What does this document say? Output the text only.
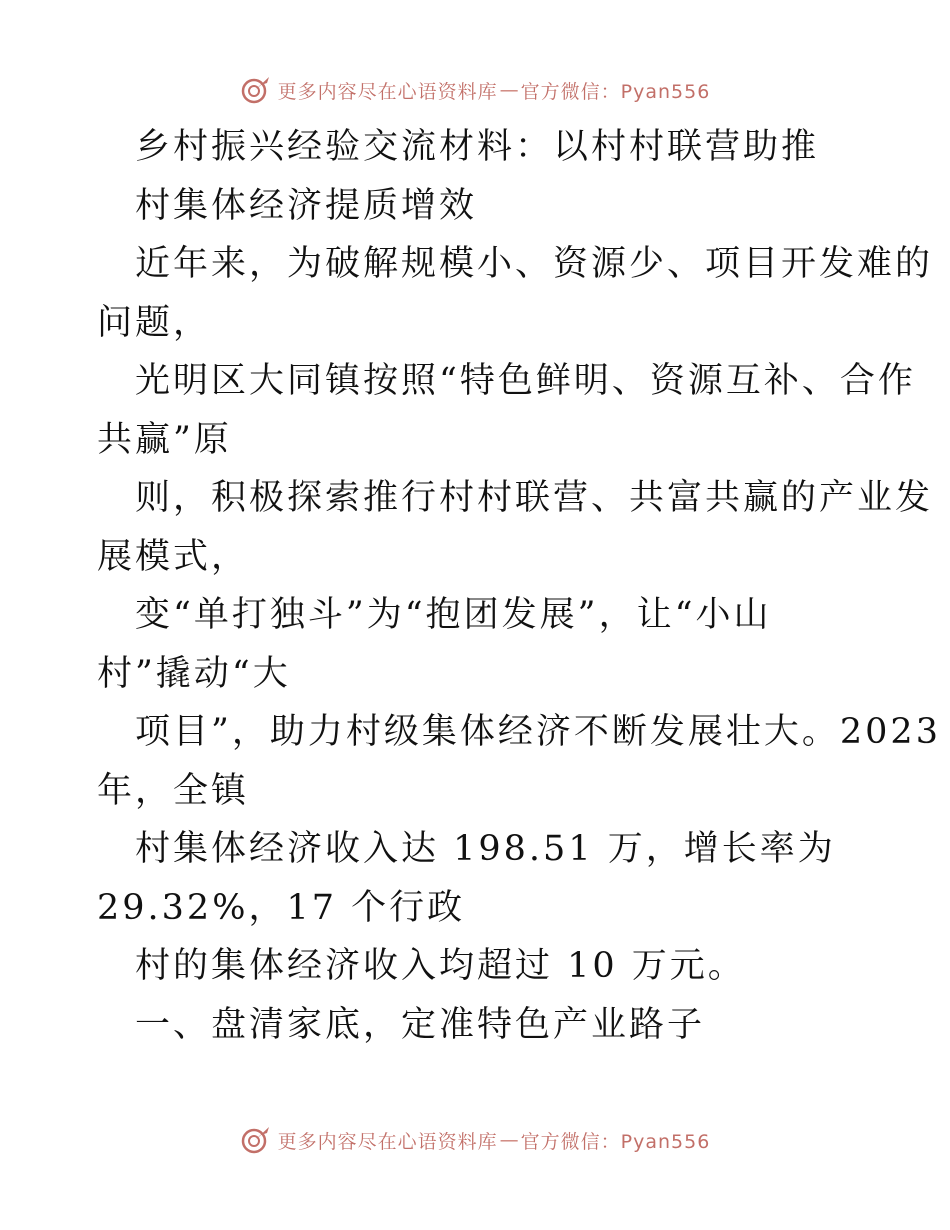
更多内容尽在心语资料库 — 官方微信：Pyan556
乡村振兴经验交流材料：以村村联营助推
村集体经济提质增效
近年来，为破解规模小、资源少、项目开发难的
问题，
光明区大同镇按照“特色鲜明、资源互补、合作
共赢”原
则，积极探索推行村村联营、共富共赢的产业发
展模式，
变“单打独斗”为“抱团发展”，让“小山
村”撬动“大
项目”，助力村级集体经济不断发展壮大。2023
年，全镇
村集体经济收入达 198.51 万，增长率为
29.32%，17 个行政
村的集体经济收入均超过 10 万元。
一、盘清家底，定准特色产业路子
更多内容尽在心语资料库 — 官方微信：Pyan556
